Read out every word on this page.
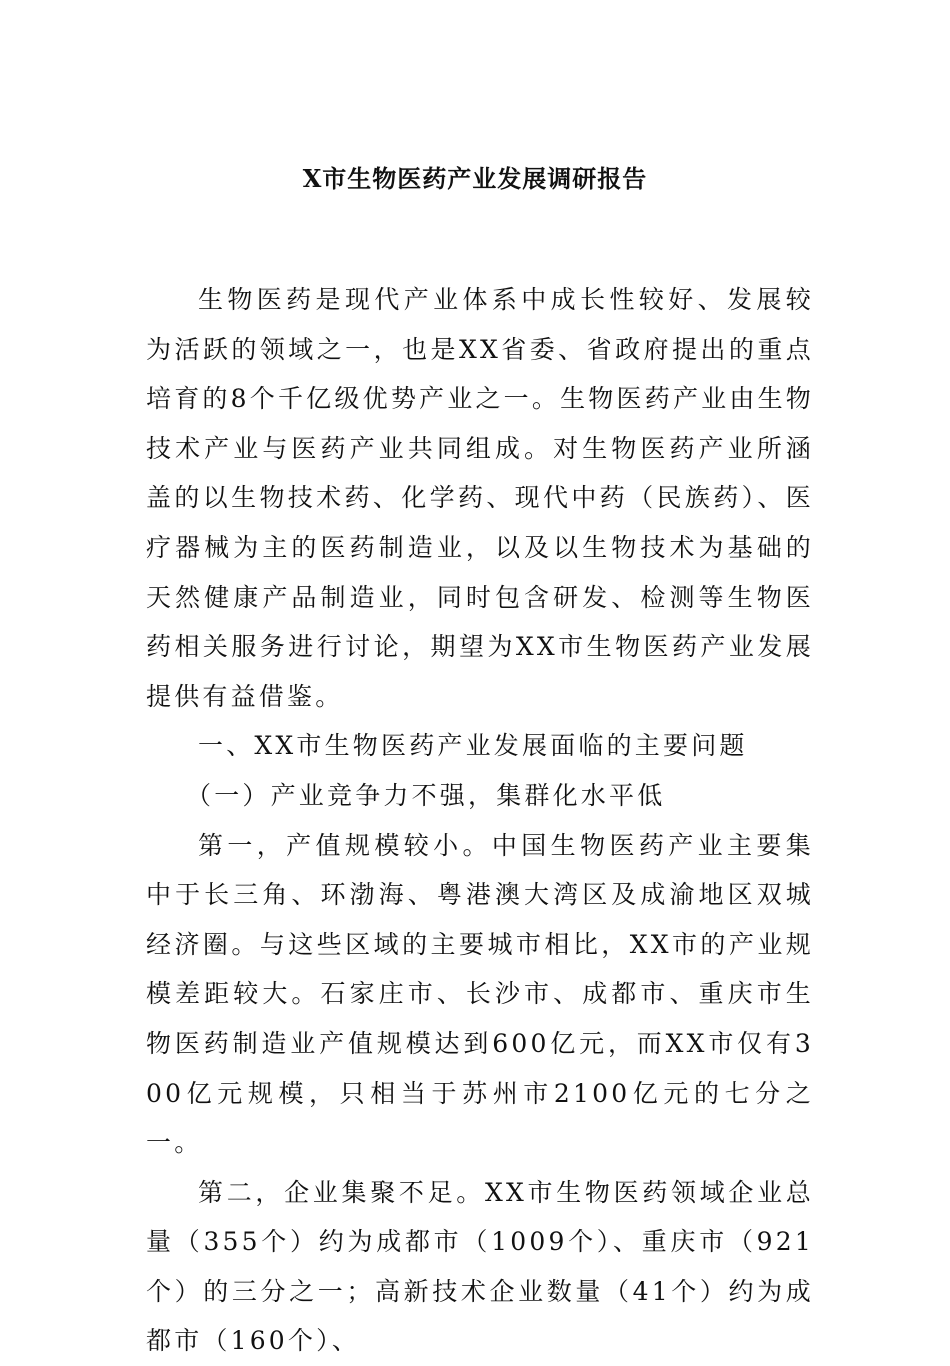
X市生物医药产业发展调研报告

生物医药是现代产业体系中成长性较好、发展较为活跃的领域之一，也是XX省委、省政府提出的重点培育的8个千亿级优势产业之一。生物医药产业由生物技术产业与医药产业共同组成。对生物医药产业所涵盖的以生物技术药、化学药、现代中药（民族药）、医疗器械为主的医药制造业，以及以生物技术为基础的天然健康产品制造业，同时包含研发、检测等生物医药相关服务进行讨论，期望为XX市生物医药产业发展提供有益借鉴。

一、XX市生物医药产业发展面临的主要问题

（一）产业竞争力不强，集群化水平低

第一，产值规模较小。中国生物医药产业主要集中于长三角、环渤海、粤港澳大湾区及成渝地区双城经济圈。与这些区域的主要城市相比，XX市的产业规模差距较大。石家庄市、长沙市、成都市、重庆市生物医药制造业产值规模达到600亿元，而XX市仅有300亿元规模，只相当于苏州市2100亿元的七分之一。

第二，企业集聚不足。XX市生物医药领域企业总量（355个）约为成都市（1009个）、重庆市（921个）的三分之一；高新技术企业数量（41个）约为成都市（160个）、
